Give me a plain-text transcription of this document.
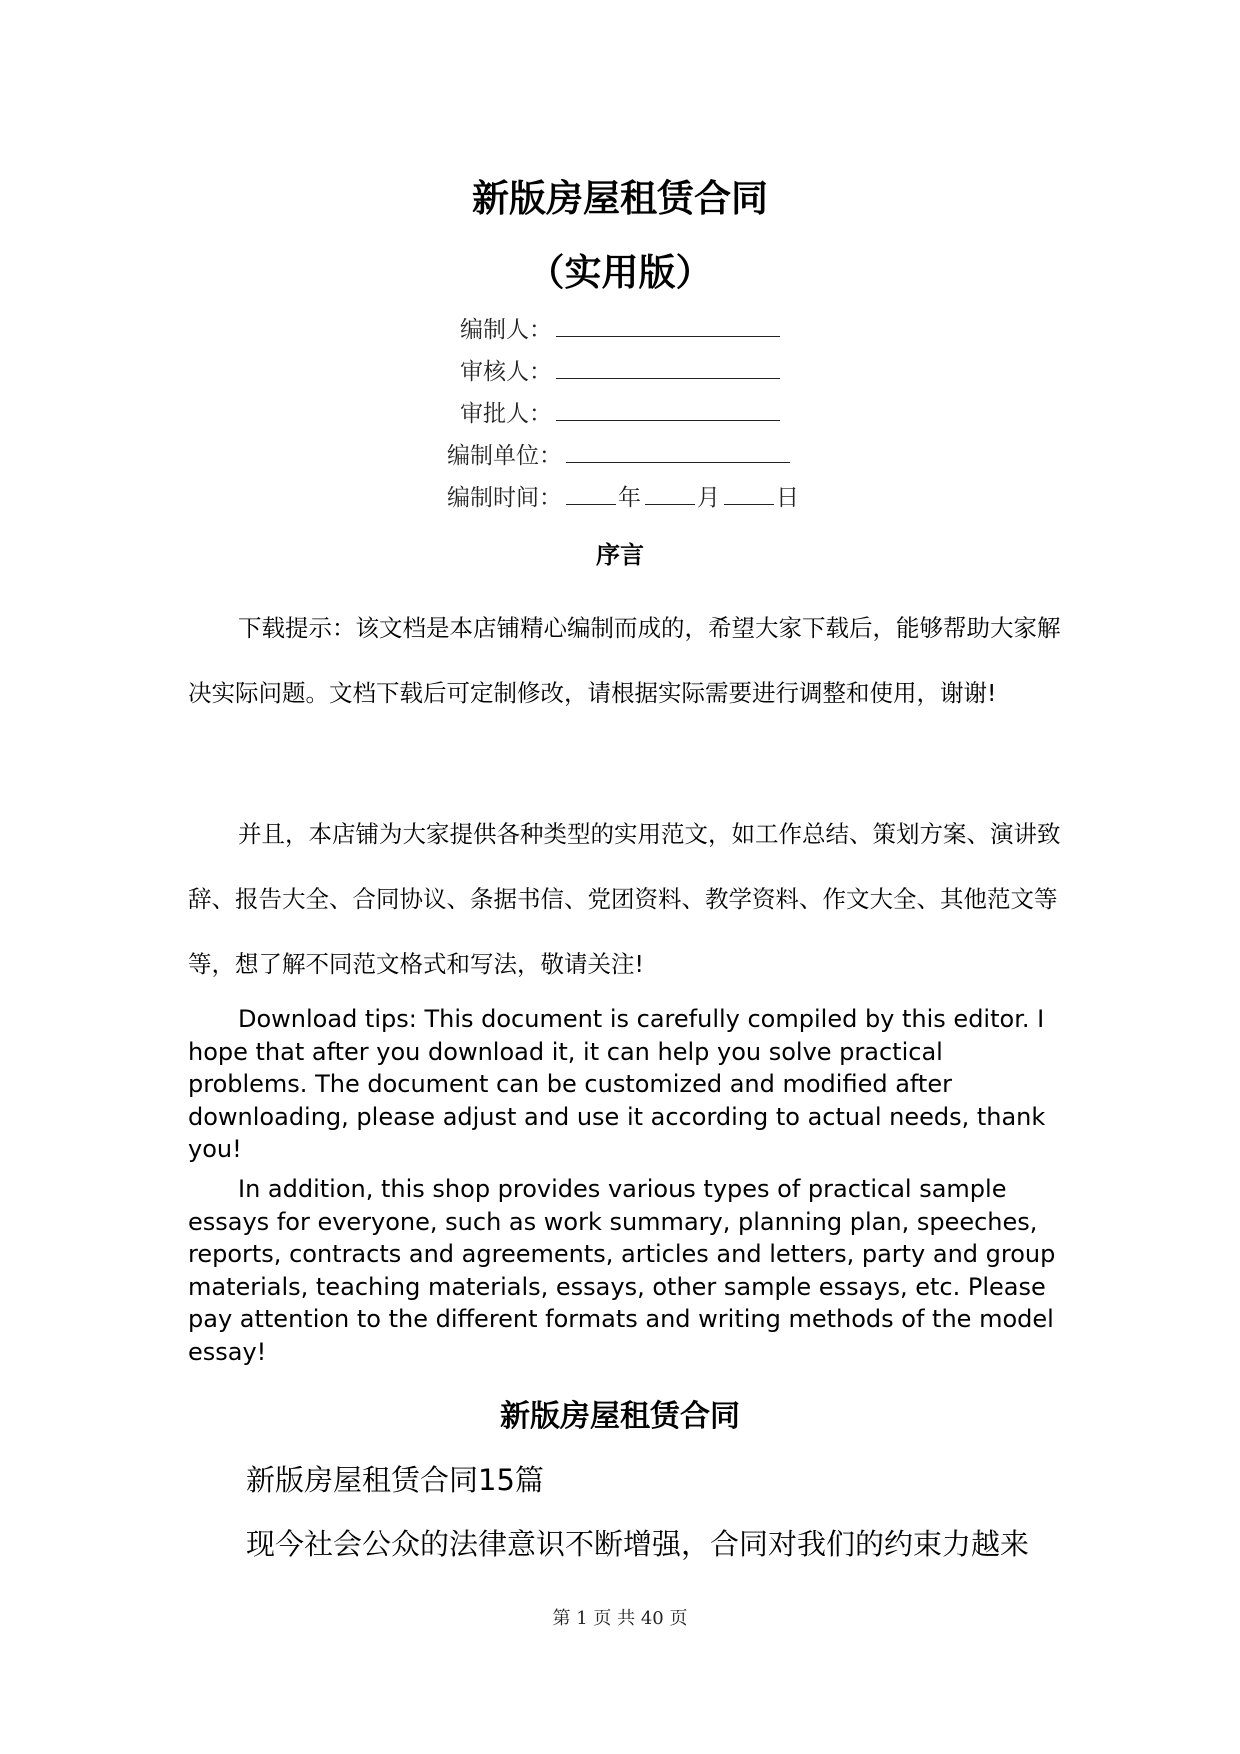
新版房屋租赁合同
（实用版）
编制人：
审核人：
审批人：
编制单位：
编制时间： 年 月 日
序言

下载提示：该文档是本店铺精心编制而成的，希望大家下载后，能够帮助大家解决实际问题。文档下载后可定制修改，请根据实际需要进行调整和使用，谢谢!

并且，本店铺为大家提供各种类型的实用范文，如工作总结、策划方案、演讲致辞、报告大全、合同协议、条据书信、党团资料、教学资料、作文大全、其他范文等等，想了解不同范文格式和写法，敬请关注!

Download tips: This document is carefully compiled by this editor. I hope that after you download it, it can help you solve practical problems. The document can be customized and modified after downloading, please adjust and use it according to actual needs, thank you!

In addition, this shop provides various types of practical sample essays for everyone, such as work summary, planning plan, speeches, reports, contracts and agreements, articles and letters, party and group materials, teaching materials, essays, other sample essays, etc. Please pay attention to the different formats and writing methods of the model essay!

新版房屋租赁合同
新版房屋租赁合同15篇
现今社会公众的法律意识不断增强，合同对我们的约束力越来
第 1 页 共 40 页
